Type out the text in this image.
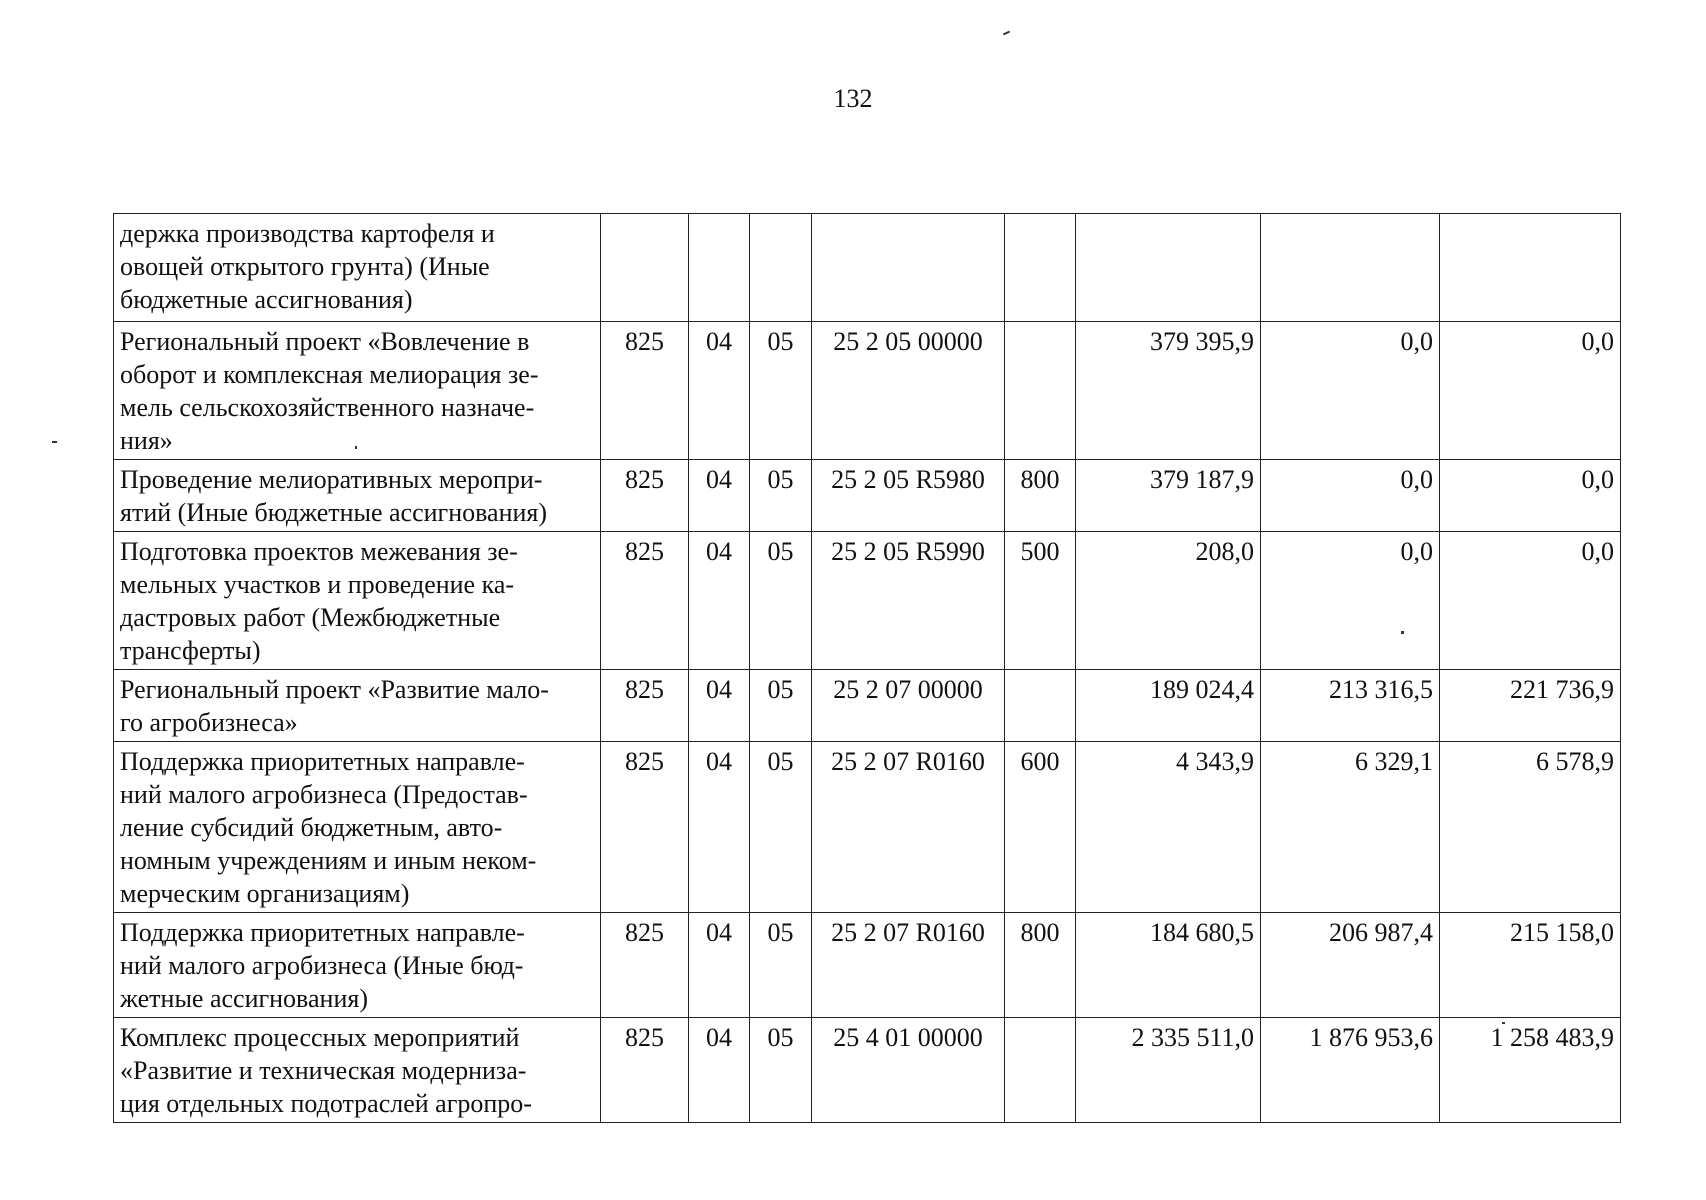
132
держка производства картофеля и
овощей открытого грунта) (Иные
бюджетные ассигнования)								

Региональный проект «Вовлечение в
оборот и комплексная мелиорация зе-
мель сельскохозяйственного назначе-
ния»	825	04	05	25 2 05 00000		379 395,9	0,0	0,0

Проведение мелиоративных меропри-
ятий (Иные бюджетные ассигнования)	825	04	05	25 2 05 R5980	800	379 187,9	0,0	0,0

Подготовка проектов межевания зе-
мельных участков и проведение ка-
дастровых работ (Межбюджетные
трансферты)	825	04	05	25 2 05 R5990	500	208,0	0,0	0,0

Региональный проект «Развитие мало-
го агробизнеса»	825	04	05	25 2 07 00000		189 024,4	213 316,5	221 736,9

Поддержка приоритетных направле-
ний малого агробизнеса (Предостав-
ление субсидий бюджетным, авто-
номным учреждениям и иным неком-
мерческим организациям)	825	04	05	25 2 07 R0160	600	4 343,9	6 329,1	6 578,9

Поддержка приоритетных направле-
ний малого агробизнеса (Иные бюд-
жетные ассигнования)	825	04	05	25 2 07 R0160	800	184 680,5	206 987,4	215 158,0

Комплекс процессных мероприятий
«Развитие и техническая модерниза-
ция отдельных подотраслей агропро-	825	04	05	25 4 01 00000		2 335 511,0	1 876 953,6	1 258 483,9
